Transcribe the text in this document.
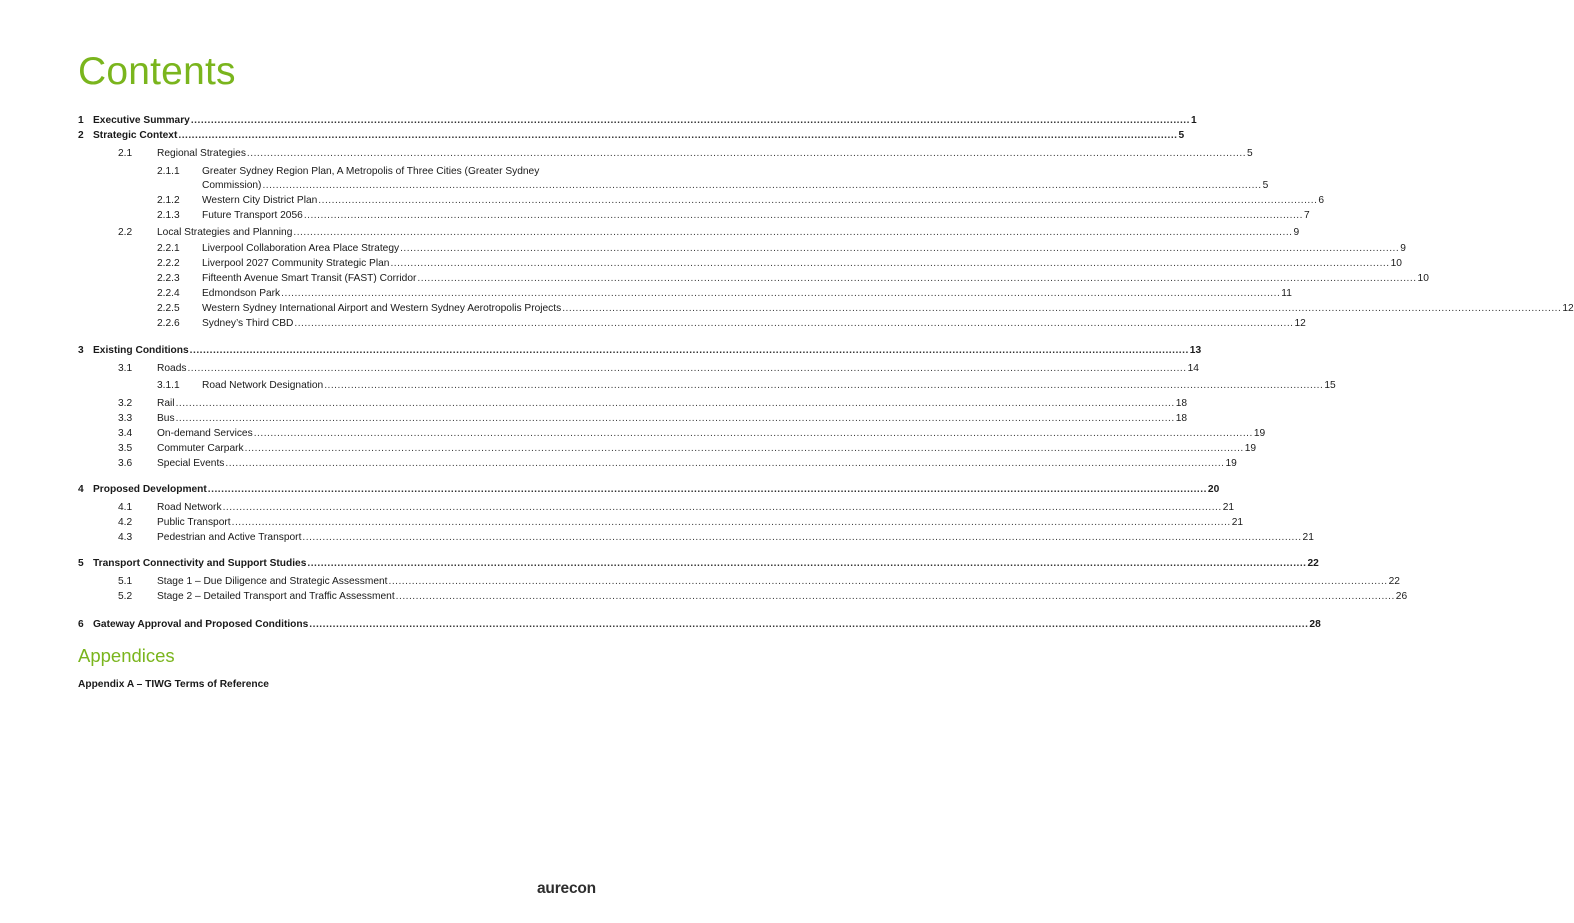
Contents
1 Executive Summary ............................................................................................................................................................................................................................................................................................................ 1
2 Strategic Context ............................................................................................................................................................................................................................................................................................................ 5
2.1 Regional Strategies ............................................................................................................................................................................................................................................................................................................ 5
2.1.1 Greater Sydney Region Plan, A Metropolis of Three Cities (Greater Sydney
Commission) ............................................................................................................................................................................................................................................................................................................ 5
2.1.2 Western City District Plan ............................................................................................................................................................................................................................................................................................................ 6
2.1.3 Future Transport 2056 ............................................................................................................................................................................................................................................................................................................ 7
2.2 Local Strategies and Planning ............................................................................................................................................................................................................................................................................................................ 9
2.2.1 Liverpool Collaboration Area Place Strategy ............................................................................................................................................................................................................................................................................................................ 9
2.2.2 Liverpool 2027 Community Strategic Plan ............................................................................................................................................................................................................................................................................................................ 10
2.2.3 Fifteenth Avenue Smart Transit (FAST) Corridor ............................................................................................................................................................................................................................................................................................................ 10
2.2.4 Edmondson Park ............................................................................................................................................................................................................................................................................................................ 11
2.2.5 Western Sydney International Airport and Western Sydney Aerotropolis Projects ............................................................................................................................................................................................................................................................................................................ 12
2.2.6 Sydney’s Third CBD ............................................................................................................................................................................................................................................................................................................ 12
3 Existing Conditions ............................................................................................................................................................................................................................................................................................................ 13
3.1 Roads ............................................................................................................................................................................................................................................................................................................ 14
3.1.1 Road Network Designation ............................................................................................................................................................................................................................................................................................................ 15
3.2 Rail ............................................................................................................................................................................................................................................................................................................ 18
3.3 Bus ............................................................................................................................................................................................................................................................................................................ 18
3.4 On-demand Services ............................................................................................................................................................................................................................................................................................................ 19
3.5 Commuter Carpark ............................................................................................................................................................................................................................................................................................................ 19
3.6 Special Events ............................................................................................................................................................................................................................................................................................................ 19
4 Proposed Development ............................................................................................................................................................................................................................................................................................................ 20
4.1 Road Network ............................................................................................................................................................................................................................................................................................................ 21
4.2 Public Transport ............................................................................................................................................................................................................................................................................................................ 21
4.3 Pedestrian and Active Transport ............................................................................................................................................................................................................................................................................................................ 21
5 Transport Connectivity and Support Studies ............................................................................................................................................................................................................................................................................................................ 22
5.1 Stage 1 – Due Diligence and Strategic Assessment ............................................................................................................................................................................................................................................................................................................ 22
5.2 Stage 2 – Detailed Transport and Traffic Assessment ............................................................................................................................................................................................................................................................................................................ 26
6 Gateway Approval and Proposed Conditions ............................................................................................................................................................................................................................................................................................................ 28
Appendices
Appendix A – TIWG Terms of Reference
aurecon
